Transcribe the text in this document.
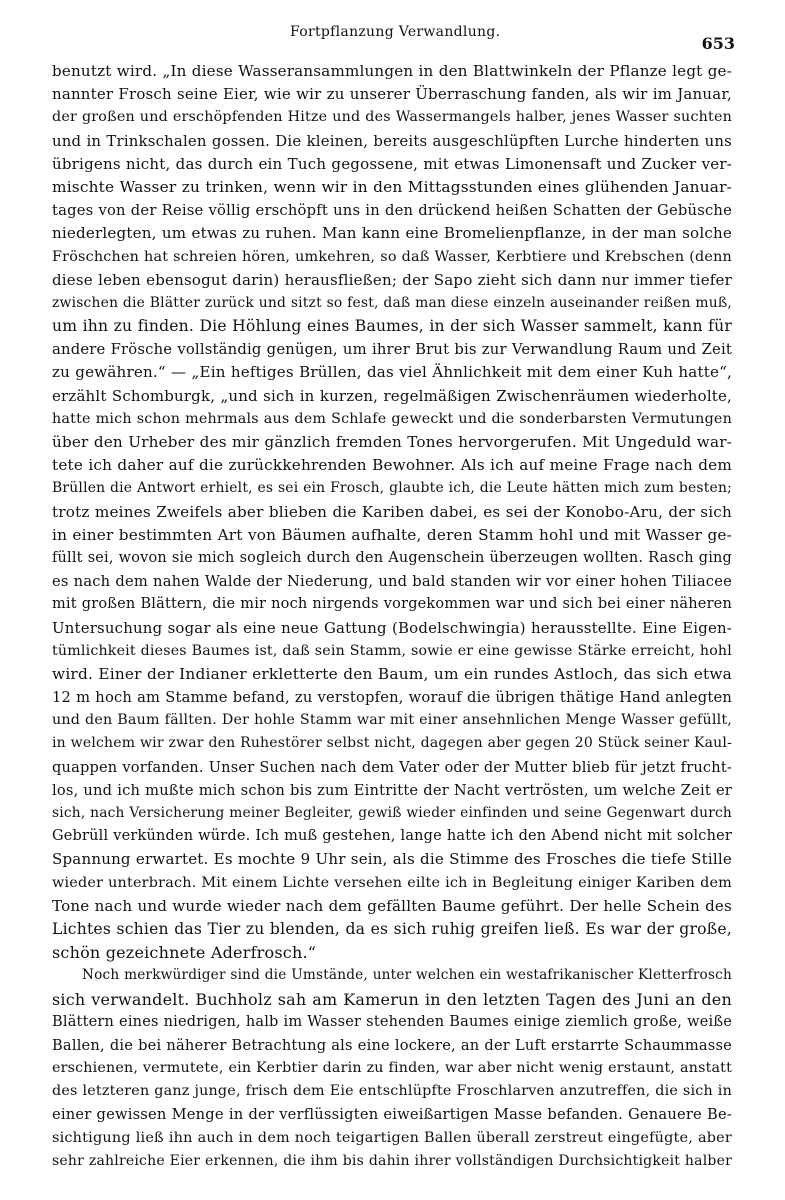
Fortpflanzung Verwandlung.
653
benutzt wird. „In diese Wasseransammlungen in den Blattwinkeln der Pflanze legt ge-
nannter Frosch seine Eier, wie wir zu unserer Überraschung fanden, als wir im Januar,
der großen und erschöpfenden Hitze und des Wassermangels halber, jenes Wasser suchten
und in Trinkschalen gossen. Die kleinen, bereits ausgeschlüpften Lurche hinderten uns
übrigens nicht, das durch ein Tuch gegossene, mit etwas Limonensaft und Zucker ver-
mischte Wasser zu trinken, wenn wir in den Mittagsstunden eines glühenden Januar-
tages von der Reise völlig erschöpft uns in den drückend heißen Schatten der Gebüsche
niederlegten, um etwas zu ruhen. Man kann eine Bromelienpflanze, in der man solche
Fröschchen hat schreien hören, umkehren, so daß Wasser, Kerbtiere und Krebschen (denn
diese leben ebensogut darin) herausfließen; der Sapo zieht sich dann nur immer tiefer
zwischen die Blätter zurück und sitzt so fest, daß man diese einzeln auseinander reißen muß,
um ihn zu finden. Die Höhlung eines Baumes, in der sich Wasser sammelt, kann für
andere Frösche vollständig genügen, um ihrer Brut bis zur Verwandlung Raum und Zeit
zu gewähren.“ — „Ein heftiges Brüllen, das viel Ähnlichkeit mit dem einer Kuh hatte“,
erzählt Schomburgk, „und sich in kurzen, regelmäßigen Zwischenräumen wiederholte,
hatte mich schon mehrmals aus dem Schlafe geweckt und die sonderbarsten Vermutungen
über den Urheber des mir gänzlich fremden Tones hervorgerufen. Mit Ungeduld war-
tete ich daher auf die zurückkehrenden Bewohner. Als ich auf meine Frage nach dem
Brüllen die Antwort erhielt, es sei ein Frosch, glaubte ich, die Leute hätten mich zum besten;
trotz meines Zweifels aber blieben die Kariben dabei, es sei der Konobo-Aru, der sich
in einer bestimmten Art von Bäumen aufhalte, deren Stamm hohl und mit Wasser ge-
füllt sei, wovon sie mich sogleich durch den Augenschein überzeugen wollten. Rasch ging
es nach dem nahen Walde der Niederung, und bald standen wir vor einer hohen Tiliacee
mit großen Blättern, die mir noch nirgends vorgekommen war und sich bei einer näheren
Untersuchung sogar als eine neue Gattung (Bodelschwingia) herausstellte. Eine Eigen-
tümlichkeit dieses Baumes ist, daß sein Stamm, sowie er eine gewisse Stärke erreicht, hohl
wird. Einer der Indianer erkletterte den Baum, um ein rundes Astloch, das sich etwa
12 m hoch am Stamme befand, zu verstopfen, worauf die übrigen thätige Hand anlegten
und den Baum fällten. Der hohle Stamm war mit einer ansehnlichen Menge Wasser gefüllt,
in welchem wir zwar den Ruhestörer selbst nicht, dagegen aber gegen 20 Stück seiner Kaul-
quappen vorfanden. Unser Suchen nach dem Vater oder der Mutter blieb für jetzt frucht-
los, und ich mußte mich schon bis zum Eintritte der Nacht vertrösten, um welche Zeit er
sich, nach Versicherung meiner Begleiter, gewiß wieder einfinden und seine Gegenwart durch
Gebrüll verkünden würde. Ich muß gestehen, lange hatte ich den Abend nicht mit solcher
Spannung erwartet. Es mochte 9 Uhr sein, als die Stimme des Frosches die tiefe Stille
wieder unterbrach. Mit einem Lichte versehen eilte ich in Begleitung einiger Kariben dem
Tone nach und wurde wieder nach dem gefällten Baume geführt. Der helle Schein des
Lichtes schien das Tier zu blenden, da es sich ruhig greifen ließ. Es war der große,
schön gezeichnete Aderfrosch.“
Noch merkwürdiger sind die Umstände, unter welchen ein westafrikanischer Kletterfrosch
sich verwandelt. Buchholz sah am Kamerun in den letzten Tagen des Juni an den
Blättern eines niedrigen, halb im Wasser stehenden Baumes einige ziemlich große, weiße
Ballen, die bei näherer Betrachtung als eine lockere, an der Luft erstarrte Schaummasse
erschienen, vermutete, ein Kerbtier darin zu finden, war aber nicht wenig erstaunt, anstatt
des letzteren ganz junge, frisch dem Eie entschlüpfte Froschlarven anzutreffen, die sich in
einer gewissen Menge in der verflüssigten eiweißartigen Masse befanden. Genauere Be-
sichtigung ließ ihn auch in dem noch teigartigen Ballen überall zerstreut eingefügte, aber
sehr zahlreiche Eier erkennen, die ihm bis dahin ihrer vollständigen Durchsichtigkeit halber
